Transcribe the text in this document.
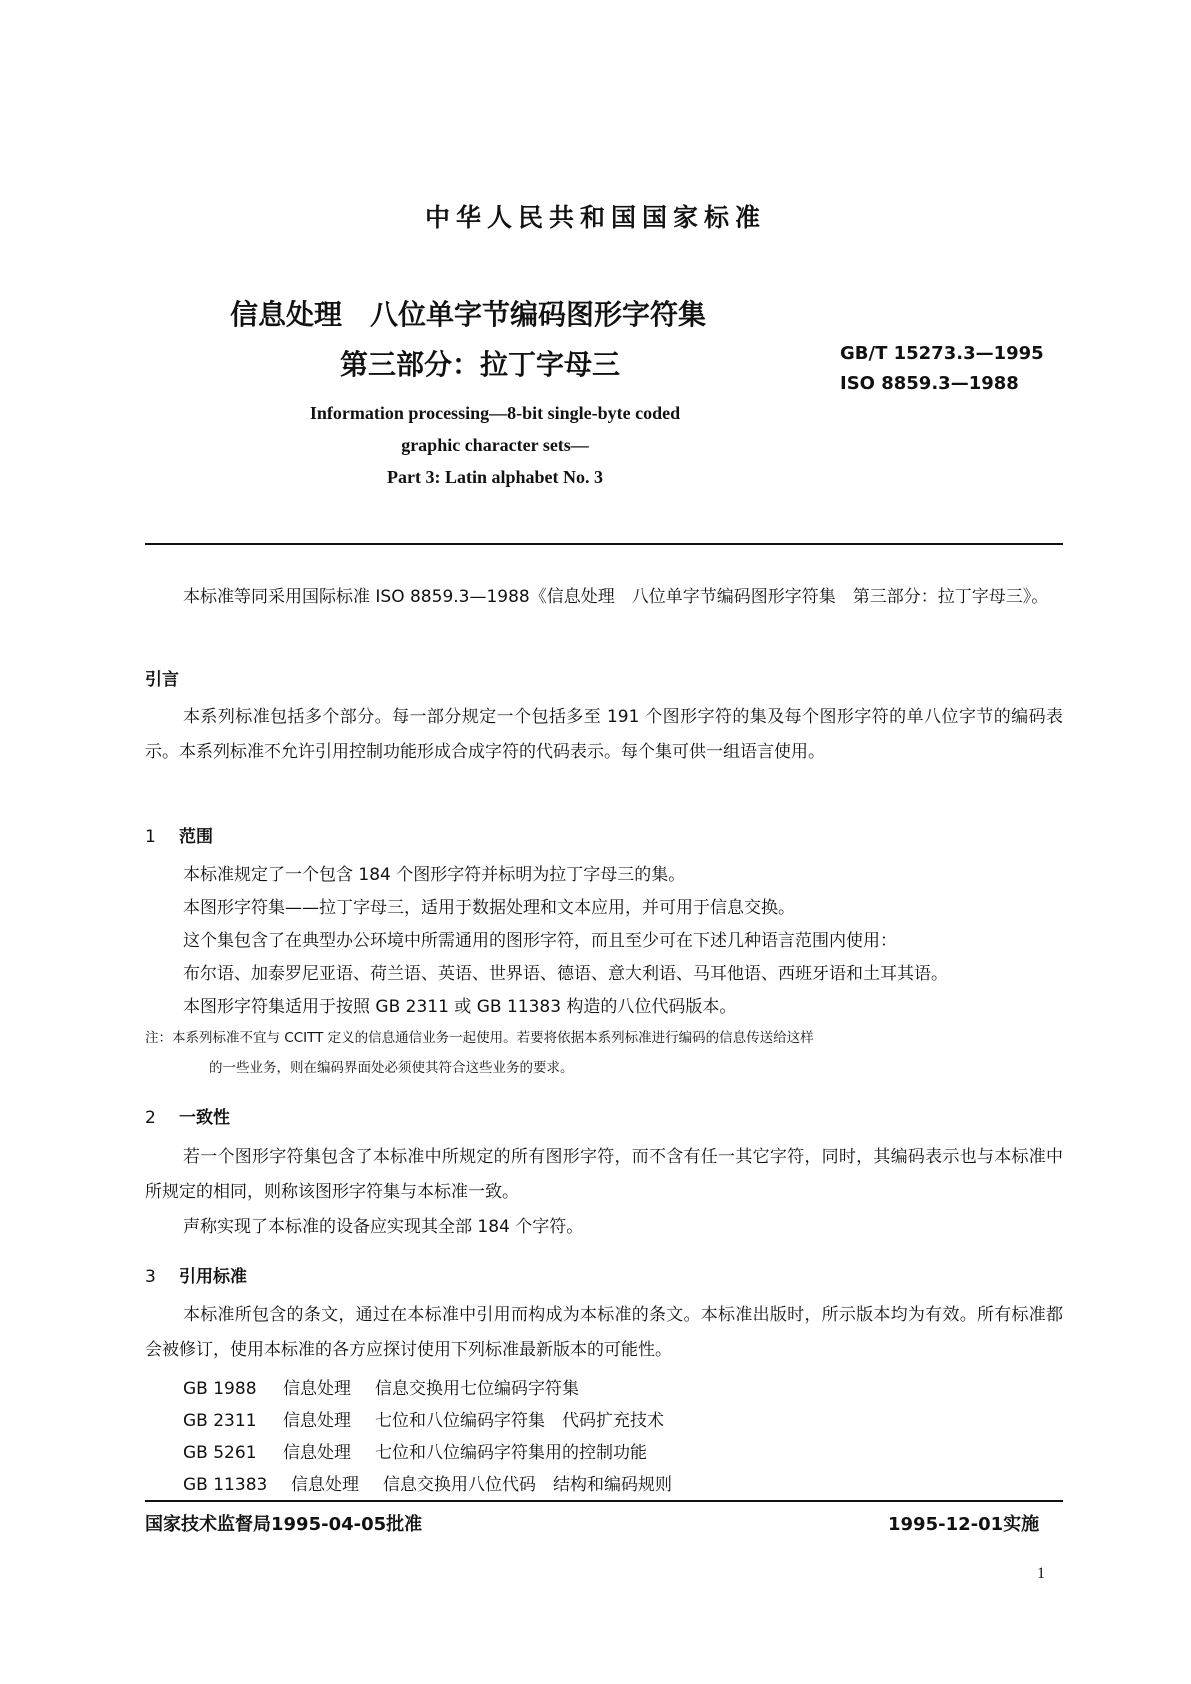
中华人民共和国国家标准
信息处理　八位单字节编码图形字符集
第三部分：拉丁字母三	GB/T 15273.3—1995
ISO 8859.3—1988
Information processing—8-bit single-byte coded
graphic character sets—
Part 3: Latin alphabet No. 3
本标准等同采用国际标准 ISO 8859.3—1988《信息处理　八位单字节编码图形字符集　第三部分：拉丁字母三》。
引言
本系列标准包括多个部分。每一部分规定一个包括多至 191 个图形字符的集及每个图形字符的单八位字节的编码表示。本系列标准不允许引用控制功能形成合成字符的代码表示。每个集可供一组语言使用。
1 范围
本标准规定了一个包含 184 个图形字符并标明为拉丁字母三的集。
本图形字符集——拉丁字母三，适用于数据处理和文本应用，并可用于信息交换。
这个集包含了在典型办公环境中所需通用的图形字符，而且至少可在下述几种语言范围内使用：
布尔语、加泰罗尼亚语、荷兰语、英语、世界语、德语、意大利语、马耳他语、西班牙语和土耳其语。
本图形字符集适用于按照 GB 2311 或 GB 11383 构造的八位代码版本。
注：本系列标准不宜与 CCITT 定义的信息通信业务一起使用。若要将依据本系列标准进行编码的信息传送给这样
的一些业务，则在编码界面处必须使其符合这些业务的要求。
2 一致性
若一个图形字符集包含了本标准中所规定的所有图形字符，而不含有任一其它字符，同时，其编码表示也与本标准中所规定的相同，则称该图形字符集与本标准一致。
声称实现了本标准的设备应实现其全部 184 个字符。
3 引用标准
本标准所包含的条文，通过在本标准中引用而构成为本标准的条文。本标准出版时，所示版本均为有效。所有标准都会被修订，使用本标准的各方应探讨使用下列标准最新版本的可能性。
GB 1988 信息处理 信息交换用七位编码字符集
GB 2311 信息处理 七位和八位编码字符集　代码扩充技术
GB 5261 信息处理 七位和八位编码字符集用的控制功能
GB 11383 信息处理 信息交换用八位代码　结构和编码规则
国家技术监督局1995-04-05批准	1995-12-01实施
1
